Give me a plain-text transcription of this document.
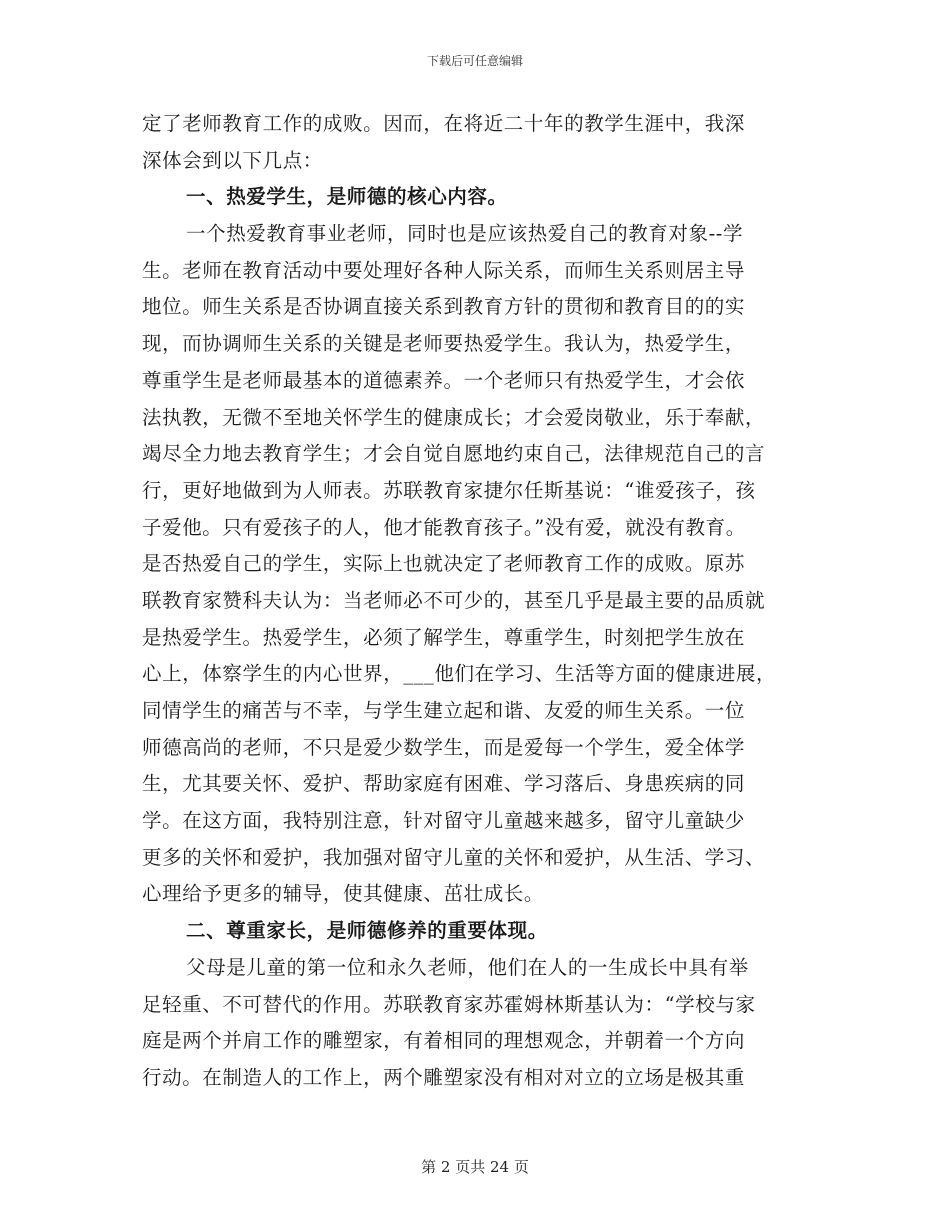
下载后可任意编辑
定了老师教育工作的成败。因而，在将近二十年的教学生涯中，我深
深体会到以下几点：
一、热爱学生，是师德的核心内容。
一个热爱教育事业老师，同时也是应该热爱自己的教育对象--学
生。老师在教育活动中要处理好各种人际关系，而师生关系则居主导
地位。师生关系是否协调直接关系到教育方针的贯彻和教育目的的实
现，而协调师生关系的关键是老师要热爱学生。我认为，热爱学生，
尊重学生是老师最基本的道德素养。一个老师只有热爱学生，才会依
法执教，无微不至地关怀学生的健康成长；才会爱岗敬业，乐于奉献，
竭尽全力地去教育学生；才会自觉自愿地约束自己，法律规范自己的言
行，更好地做到为人师表。苏联教育家捷尔任斯基说：“谁爱孩子，孩
子爱他。只有爱孩子的人，他才能教育孩子。”没有爱，就没有教育。
是否热爱自己的学生，实际上也就决定了老师教育工作的成败。原苏
联教育家赞科夫认为：当老师必不可少的，甚至几乎是最主要的品质就
是热爱学生。热爱学生，必须了解学生，尊重学生，时刻把学生放在
心上，体察学生的内心世界，___他们在学习、生活等方面的健康进展，
同情学生的痛苦与不幸，与学生建立起和谐、友爱的师生关系。一位
师德高尚的老师，不只是爱少数学生，而是爱每一个学生，爱全体学
生，尤其要关怀、爱护、帮助家庭有困难、学习落后、身患疾病的同
学。在这方面，我特别注意，针对留守儿童越来越多，留守儿童缺少
更多的关怀和爱护，我加强对留守儿童的关怀和爱护，从生活、学习、
心理给予更多的辅导，使其健康、茁壮成长。
二、尊重家长，是师德修养的重要体现。
父母是儿童的第一位和永久老师，他们在人的一生成长中具有举
足轻重、不可替代的作用。苏联教育家苏霍姆林斯基认为：“学校与家
庭是两个并肩工作的雕塑家，有着相同的理想观念，并朝着一个方向
行动。在制造人的工作上，两个雕塑家没有相对对立的立场是极其重
第 2 页共 24 页
